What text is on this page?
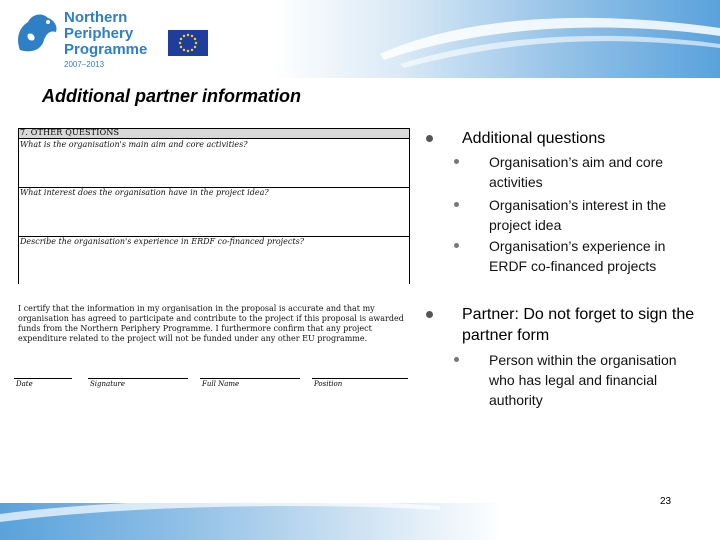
Northern
Periphery
Programme
2007–2013
Additional partner information
7. OTHER QUESTIONS
What is the organisation's main aim and core activities?
What interest does the organisation have in the project idea?
Describe the organisation's experience in ERDF co-financed projects?
I certify that the information in my organisation in the proposal is accurate and that my organisation has agreed to participate and contribute to the project if this proposal is awarded funds from the Northern Periphery Programme. I furthermore confirm that any project expenditure related to the project will not be funded under any other EU programme.
Date	Signature	Full Name	Position
Additional questions
Organisation’s aim and core activities
Organisation’s interest in the project idea
Organisation’s experience in ERDF co-financed projects
Partner: Do not forget to sign the partner form
Person within the organisation who has legal and financial authority
23
